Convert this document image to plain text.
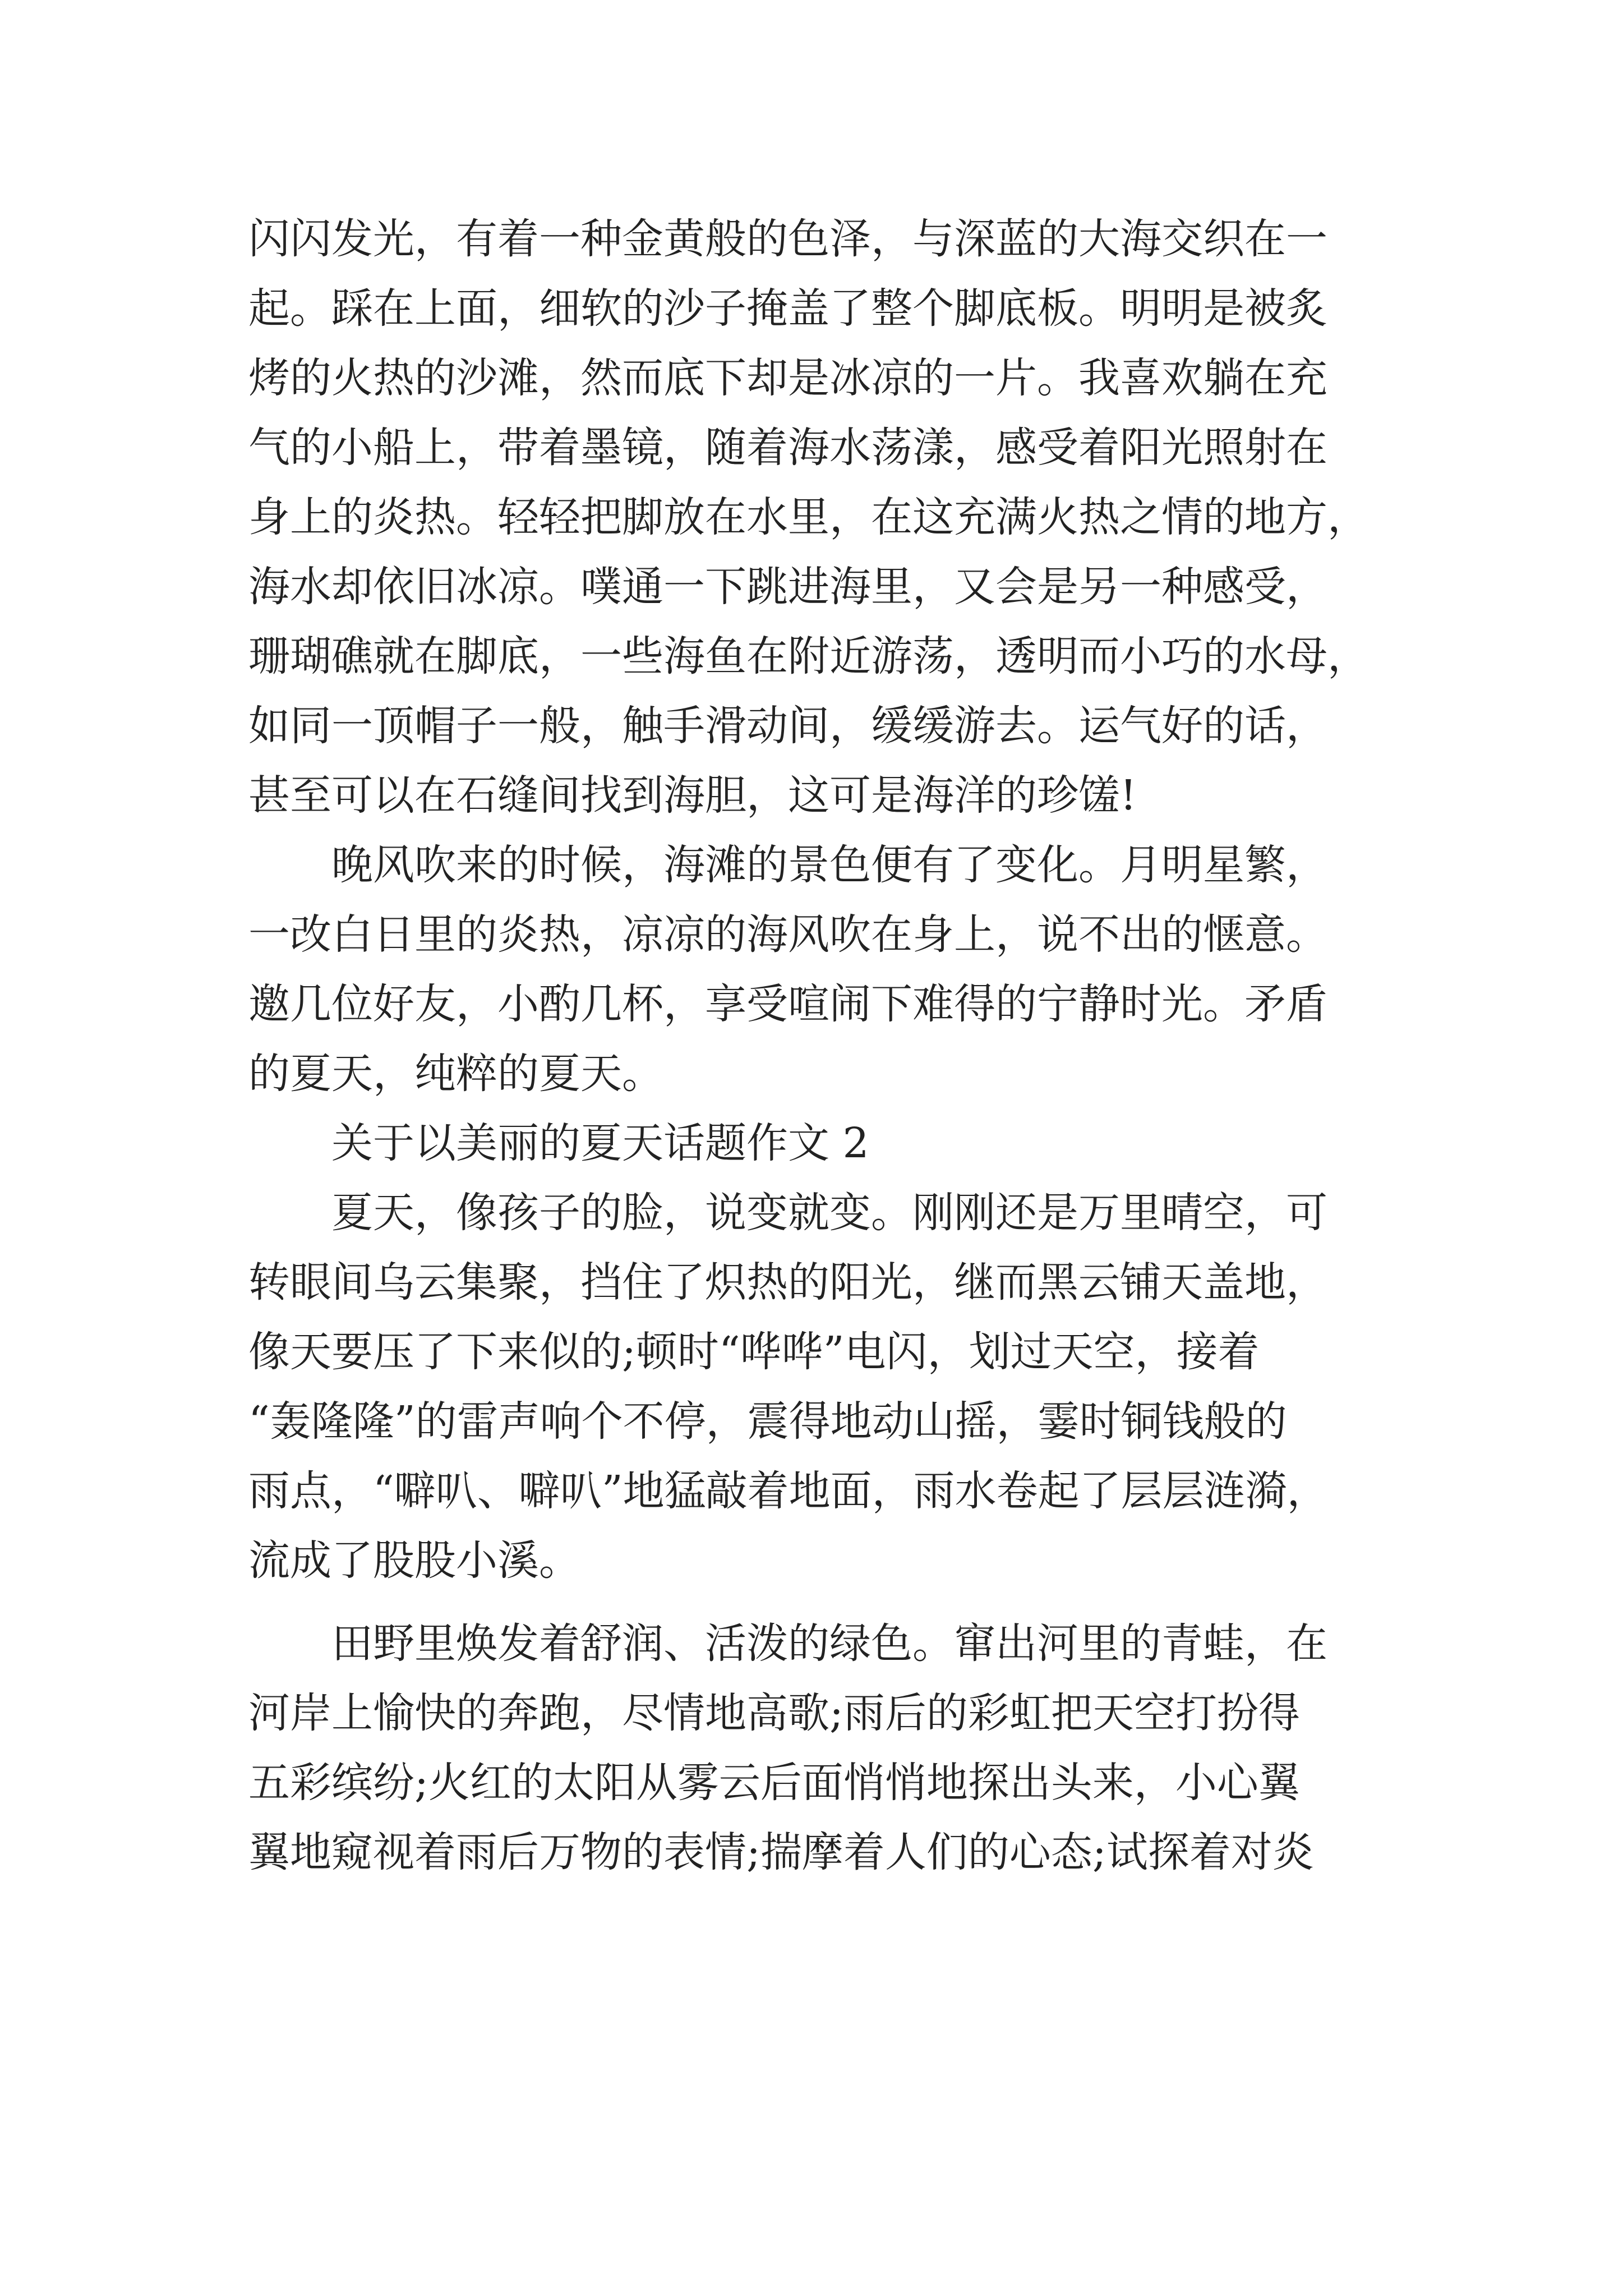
闪闪发光，有着一种金黄般的色泽，与深蓝的大海交织在一
起。踩在上面，细软的沙子掩盖了整个脚底板。明明是被炙
烤的火热的沙滩，然而底下却是冰凉的一片。我喜欢躺在充
气的小船上，带着墨镜，随着海水荡漾，感受着阳光照射在
身上的炎热。轻轻把脚放在水里，在这充满火热之情的地方，
海水却依旧冰凉。噗通一下跳进海里，又会是另一种感受，
珊瑚礁就在脚底，一些海鱼在附近游荡，透明而小巧的水母，
如同一顶帽子一般，触手滑动间，缓缓游去。运气好的话，
甚至可以在石缝间找到海胆，这可是海洋的珍馐!
　　晚风吹来的时候，海滩的景色便有了变化。月明星繁，
一改白日里的炎热，凉凉的海风吹在身上，说不出的惬意。
邀几位好友，小酌几杯，享受喧闹下难得的宁静时光。矛盾
的夏天，纯粹的夏天。
　　关于以美丽的夏天话题作文 2
　　夏天，像孩子的脸，说变就变。刚刚还是万里晴空，可
转眼间乌云集聚，挡住了炽热的阳光，继而黑云铺天盖地，
像天要压了下来似的;顿时“哗哗”电闪，划过天空，接着
“轰隆隆”的雷声响个不停，震得地动山摇，霎时铜钱般的
雨点，“噼叭、噼叭”地猛敲着地面，雨水卷起了层层涟漪，
流成了股股小溪。
　　田野里焕发着舒润、活泼的绿色。窜出河里的青蛙，在
河岸上愉快的奔跑，尽情地高歌;雨后的彩虹把天空打扮得
五彩缤纷;火红的太阳从雾云后面悄悄地探出头来，小心翼
翼地窥视着雨后万物的表情;揣摩着人们的心态;试探着对炎
